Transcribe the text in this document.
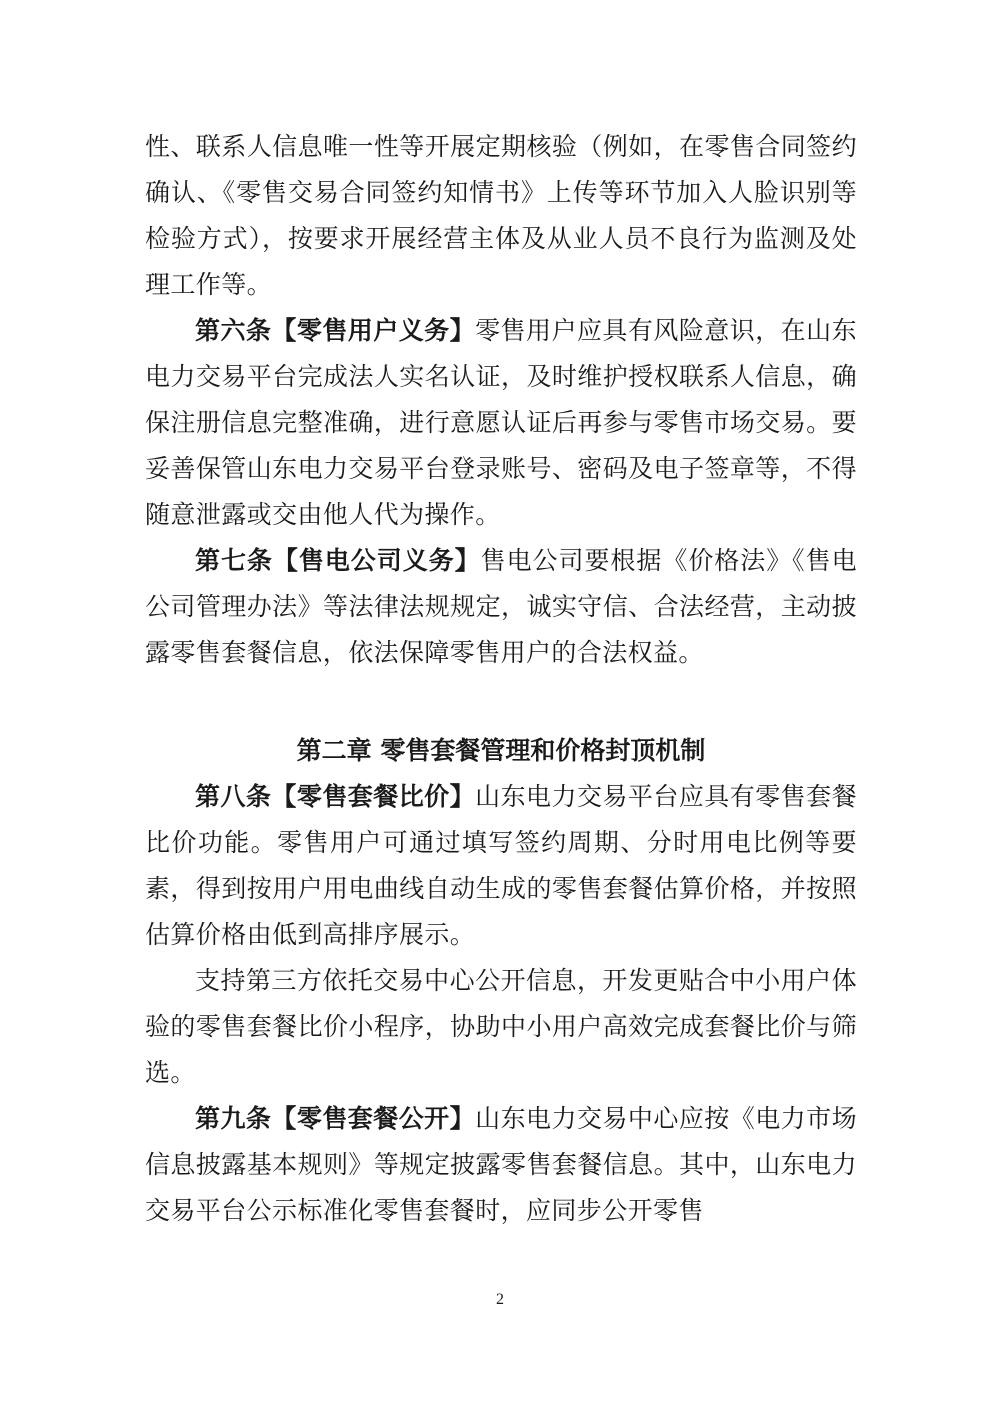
性、联系人信息唯一性等开展定期核验（例如，在零售合同签约确认、《零售交易合同签约知情书》上传等环节加入人脸识别等检验方式），按要求开展经营主体及从业人员不良行为监测及处理工作等。

第六条【零售用户义务】零售用户应具有风险意识，在山东电力交易平台完成法人实名认证，及时维护授权联系人信息，确保注册信息完整准确，进行意愿认证后再参与零售市场交易。要妥善保管山东电力交易平台登录账号、密码及电子签章等，不得随意泄露或交由他人代为操作。

第七条【售电公司义务】售电公司要根据《价格法》《售电公司管理办法》等法律法规规定，诚实守信、合法经营，主动披露零售套餐信息，依法保障零售用户的合法权益。

第二章 零售套餐管理和价格封顶机制

第八条【零售套餐比价】山东电力交易平台应具有零售套餐比价功能。零售用户可通过填写签约周期、分时用电比例等要素，得到按用户用电曲线自动生成的零售套餐估算价格，并按照估算价格由低到高排序展示。

支持第三方依托交易中心公开信息，开发更贴合中小用户体验的零售套餐比价小程序，协助中小用户高效完成套餐比价与筛选。

第九条【零售套餐公开】山东电力交易中心应按《电力市场信息披露基本规则》等规定披露零售套餐信息。其中，山东电力交易平台公示标准化零售套餐时，应同步公开零售

2
